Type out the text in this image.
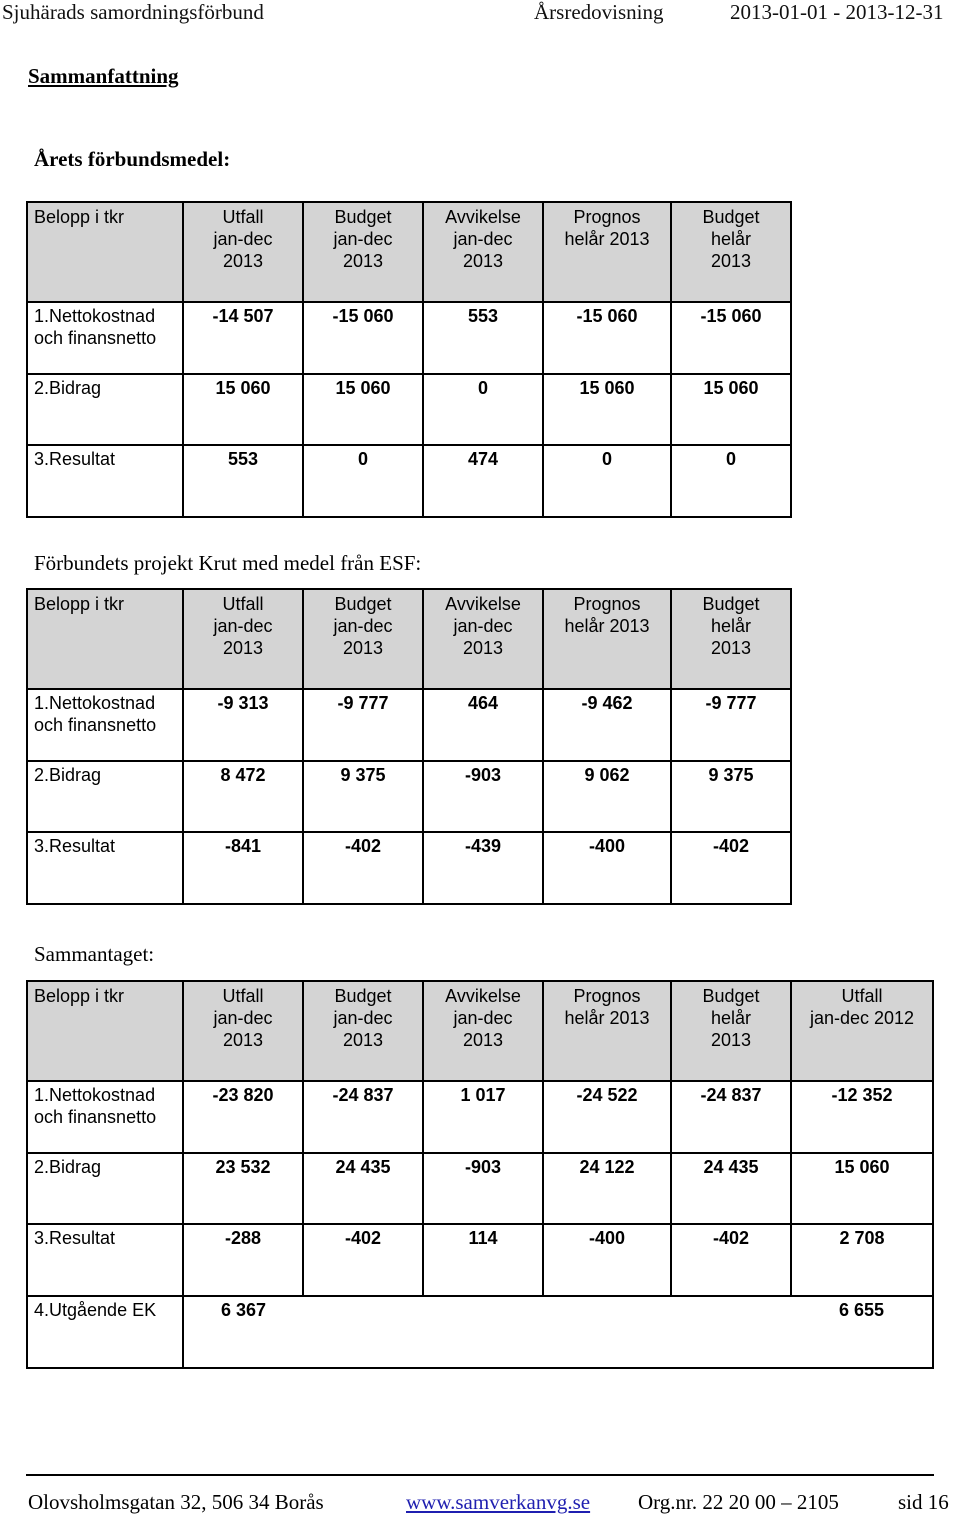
Sjuhärads samordningsförbund	Årsredovisning	2013-01-01 - 2013-12-31
Sammanfattning
Årets förbundsmedel:
Belopp i tkr	Utfall
jan-dec
2013	Budget
jan-dec
2013	Avvikelse
jan-dec
2013	Prognos
helår 2013	Budget
helår
2013
1.Nettokostnad
och finansnetto	-14 507	-15 060	553	-15 060	-15 060
2.Bidrag	15 060	15 060	0	15 060	15 060
3.Resultat	553	0	474	0	0
Förbundets projekt Krut med medel från ESF:
Belopp i tkr	Utfall
jan-dec
2013	Budget
jan-dec
2013	Avvikelse
jan-dec
2013	Prognos
helår 2013	Budget
helår
2013
1.Nettokostnad
och finansnetto	-9 313	-9 777	464	-9 462	-9 777
2.Bidrag	8 472	9 375	-903	9 062	9 375
3.Resultat	-841	-402	-439	-400	-402
Sammantaget:
Belopp i tkr	Utfall
jan-dec
2013	Budget
jan-dec
2013	Avvikelse
jan-dec
2013	Prognos
helår 2013	Budget
helår
2013	Utfall
jan-dec 2012
1.Nettokostnad
och finansnetto	-23 820	-24 837	1 017	-24 522	-24 837	-12 352
2.Bidrag	23 532	24 435	-903	24 122	24 435	15 060
3.Resultat	-288	-402	114	-400	-402	2 708
4.Utgående EK	6 367					6 655
Olovsholmsgatan 32, 506 34 Borås	www.samverkanvg.se Org.nr. 22 20 00 – 2105	sid 16
